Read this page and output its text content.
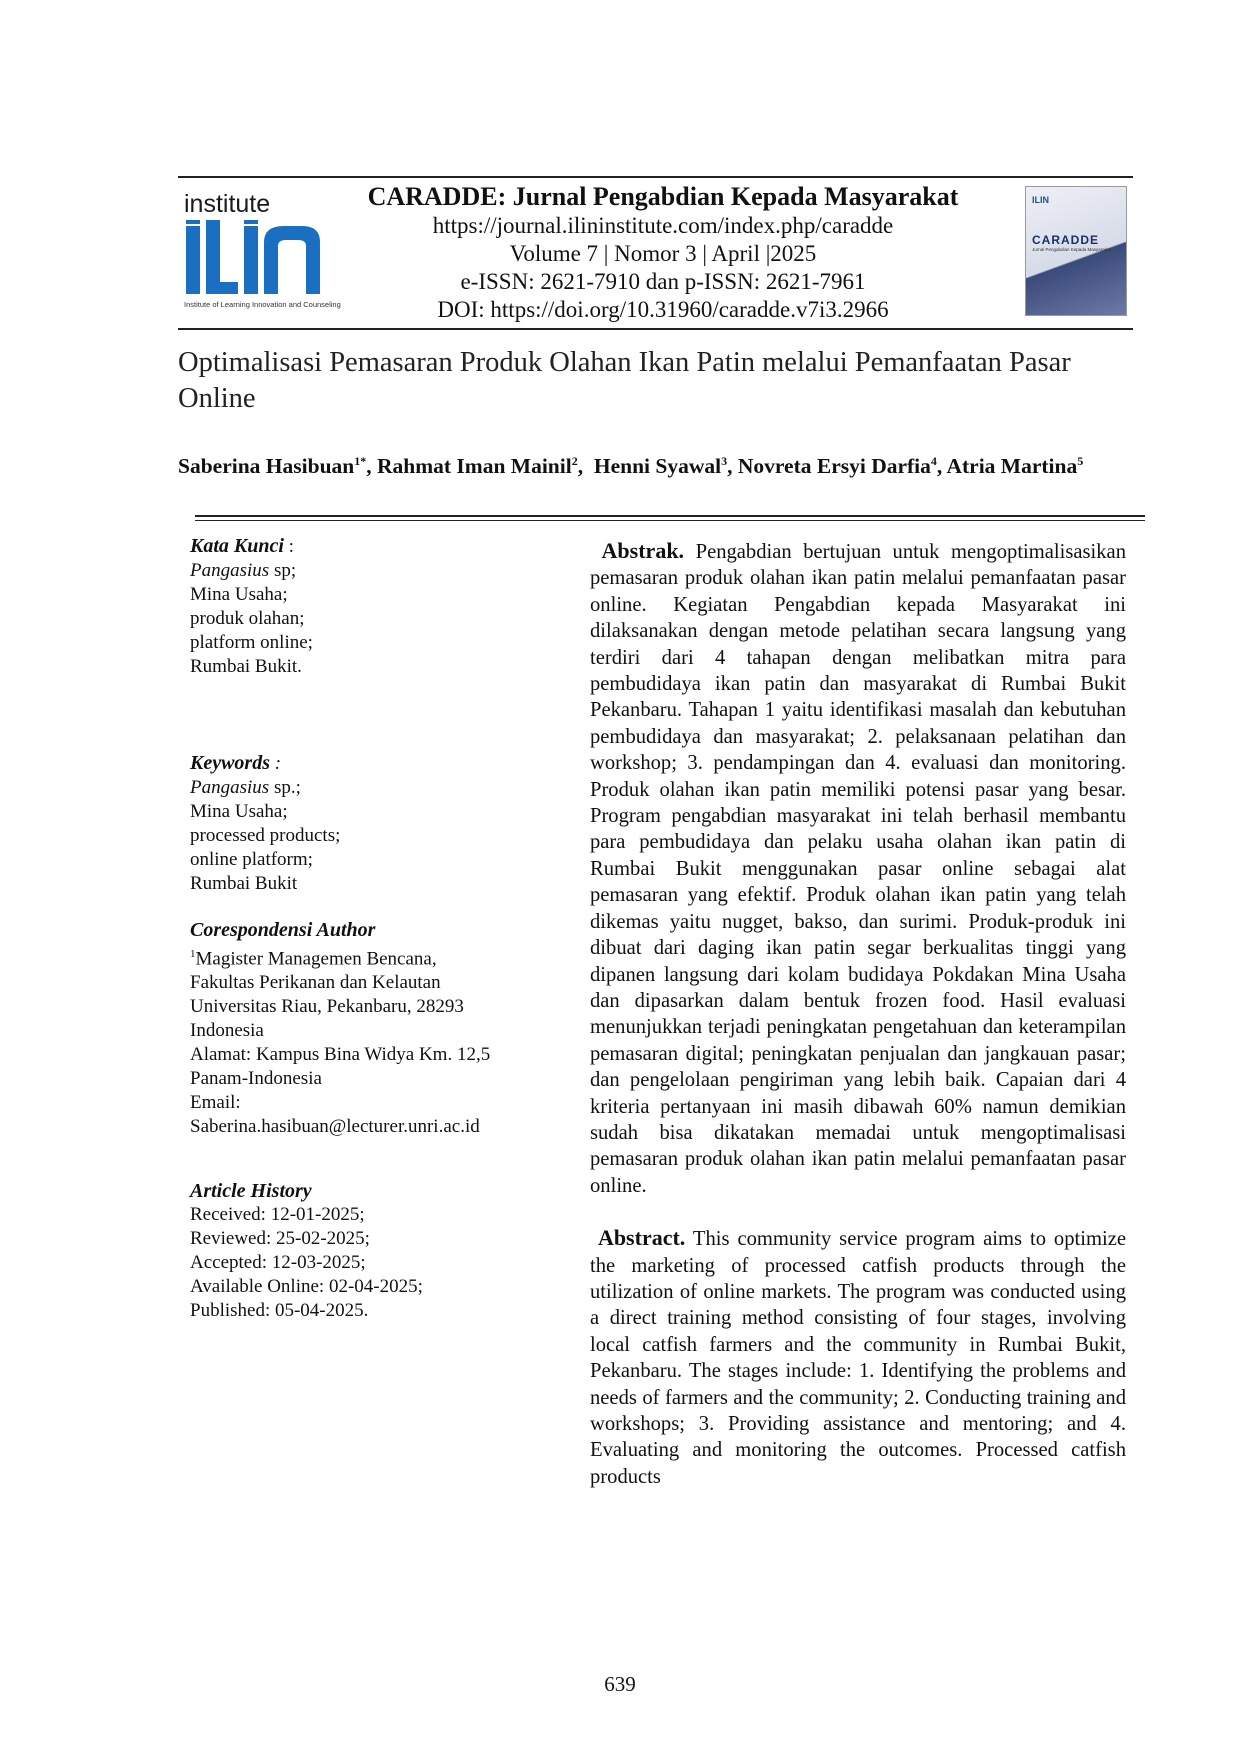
institute
Institute of Learning Innovation and Counseling
CARADDE: Jurnal Pengabdian Kepada Masyarakat
https://journal.ilininstitute.com/index.php/caradde
Volume 7 | Nomor 3 | April |2025
e-ISSN: 2621-7910 dan p-ISSN: 2621-7961
DOI: https://doi.org/10.31960/caradde.v7i3.2966
ILIN
CARADDE
Jurnal Pengabdian Kepada Masyarakat
Optimalisasi Pemasaran Produk Olahan Ikan Patin melalui Pemanfaatan Pasar Online
Saberina Hasibuan$^{1*}$, Rahmat Iman Mainil$^2$,  Henni Syawal$^3$, Novreta Ersyi Darfia$^4$, Atria Martina$^5$
Kata Kunci :
Pangasius sp;
Mina Usaha;
produk olahan;
platform online;
Rumbai Bukit.
Keywords :
Pangasius sp.;
Mina Usaha;
processed products;
online platform;
Rumbai Bukit
Corespondensi Author
$^1$Magister Managemen Bencana,
Fakultas Perikanan dan Kelautan
Universitas Riau, Pekanbaru, 28293
Indonesia
Alamat: Kampus Bina Widya Km. 12,5
Panam-Indonesia
Email:
Saberina.hasibuan@lecturer.unri.ac.id
Article History
Received: 12-01-2025;
Reviewed: 25-02-2025;
Accepted: 12-03-2025;
Available Online: 02-04-2025;
Published: 05-04-2025.
Abstrak. Pengabdian bertujuan untuk mengoptimalisasikan pemasaran produk olahan ikan patin melalui pemanfaatan pasar online. Kegiatan Pengabdian kepada Masyarakat ini dilaksanakan dengan metode pelatihan secara langsung yang terdiri dari 4 tahapan dengan melibatkan mitra para pembudidaya ikan patin dan masyarakat di Rumbai Bukit Pekanbaru. Tahapan 1 yaitu identifikasi masalah dan kebutuhan pembudidaya dan masyarakat; 2. pelaksanaan pelatihan dan workshop; 3. pendampingan dan 4. evaluasi dan monitoring. Produk olahan ikan patin memiliki potensi pasar yang besar. Program pengabdian masyarakat ini telah berhasil membantu para pembudidaya dan pelaku usaha olahan ikan patin di Rumbai Bukit menggunakan pasar online sebagai alat pemasaran yang efektif. Produk olahan ikan patin yang telah dikemas yaitu nugget, bakso, dan surimi. Produk-produk ini dibuat dari daging ikan patin segar berkualitas tinggi yang dipanen langsung dari kolam budidaya Pokdakan Mina Usaha dan dipasarkan dalam bentuk frozen food. Hasil evaluasi menunjukkan terjadi peningkatan pengetahuan dan keterampilan pemasaran digital; peningkatan penjualan dan jangkauan pasar; dan pengelolaan pengiriman yang lebih baik. Capaian dari 4 kriteria pertanyaan ini masih dibawah 60% namun demikian sudah bisa dikatakan memadai untuk mengoptimalisasi pemasaran produk olahan ikan patin melalui pemanfaatan pasar online.
Abstract. This community service program aims to optimize the marketing of processed catfish products through the utilization of online markets. The program was conducted using a direct training method consisting of four stages, involving local catfish farmers and the community in Rumbai Bukit, Pekanbaru. The stages include: 1. Identifying the problems and needs of farmers and the community; 2. Conducting training and workshops; 3. Providing assistance and mentoring; and 4. Evaluating and monitoring the outcomes. Processed catfish products
639
